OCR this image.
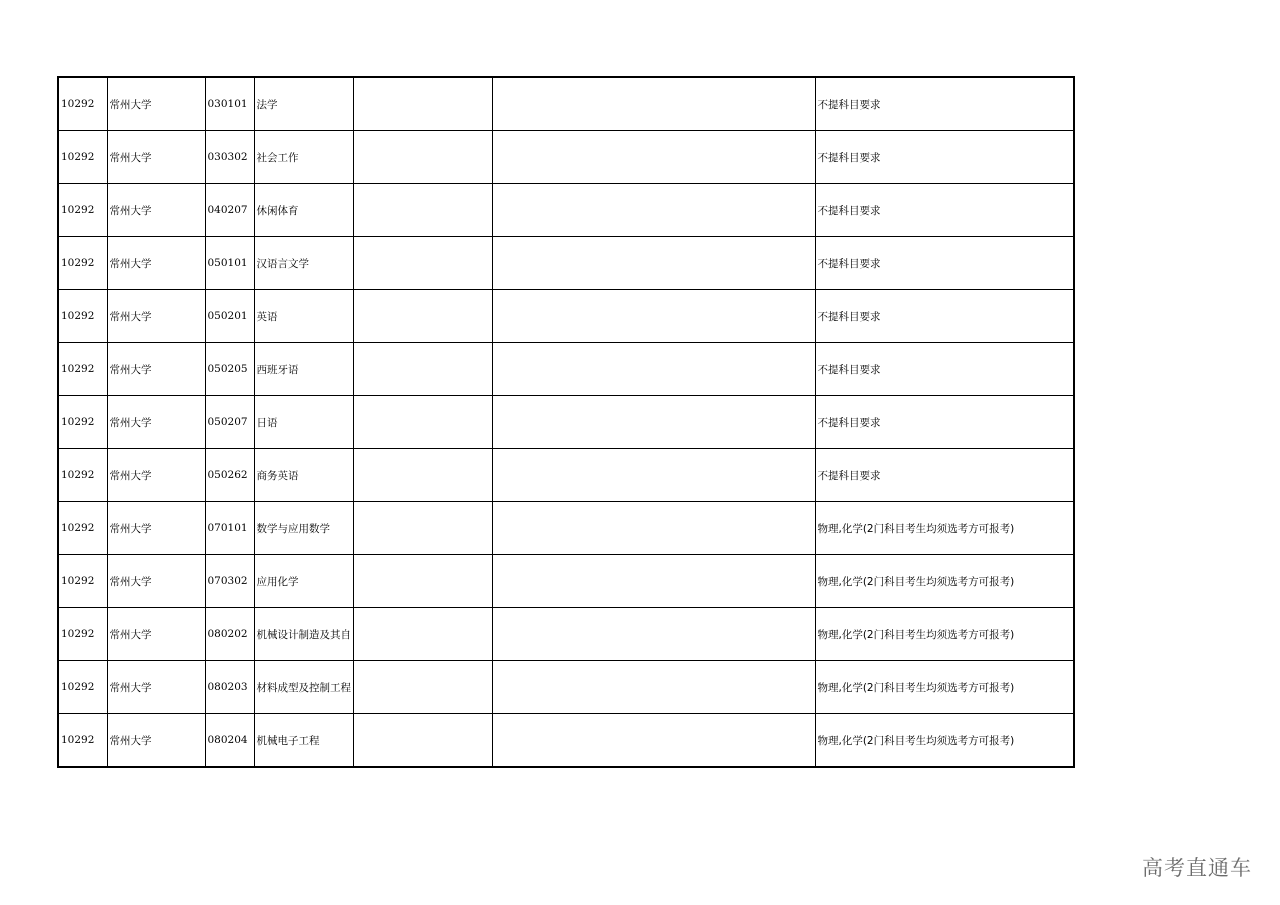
10292	常州大学	030101	法学			不提科目要求
10292	常州大学	030302	社会工作			不提科目要求
10292	常州大学	040207	休闲体育			不提科目要求
10292	常州大学	050101	汉语言文学			不提科目要求
10292	常州大学	050201	英语			不提科目要求
10292	常州大学	050205	西班牙语			不提科目要求
10292	常州大学	050207	日语			不提科目要求
10292	常州大学	050262	商务英语			不提科目要求
10292	常州大学	070101	数学与应用数学			物理,化学(2门科目考生均须选考方可报考)
10292	常州大学	070302	应用化学			物理,化学(2门科目考生均须选考方可报考)
10292	常州大学	080202	机械设计制造及其自			物理,化学(2门科目考生均须选考方可报考)
10292	常州大学	080203	材料成型及控制工程			物理,化学(2门科目考生均须选考方可报考)
10292	常州大学	080204	机械电子工程			物理,化学(2门科目考生均须选考方可报考)
高考直通车
